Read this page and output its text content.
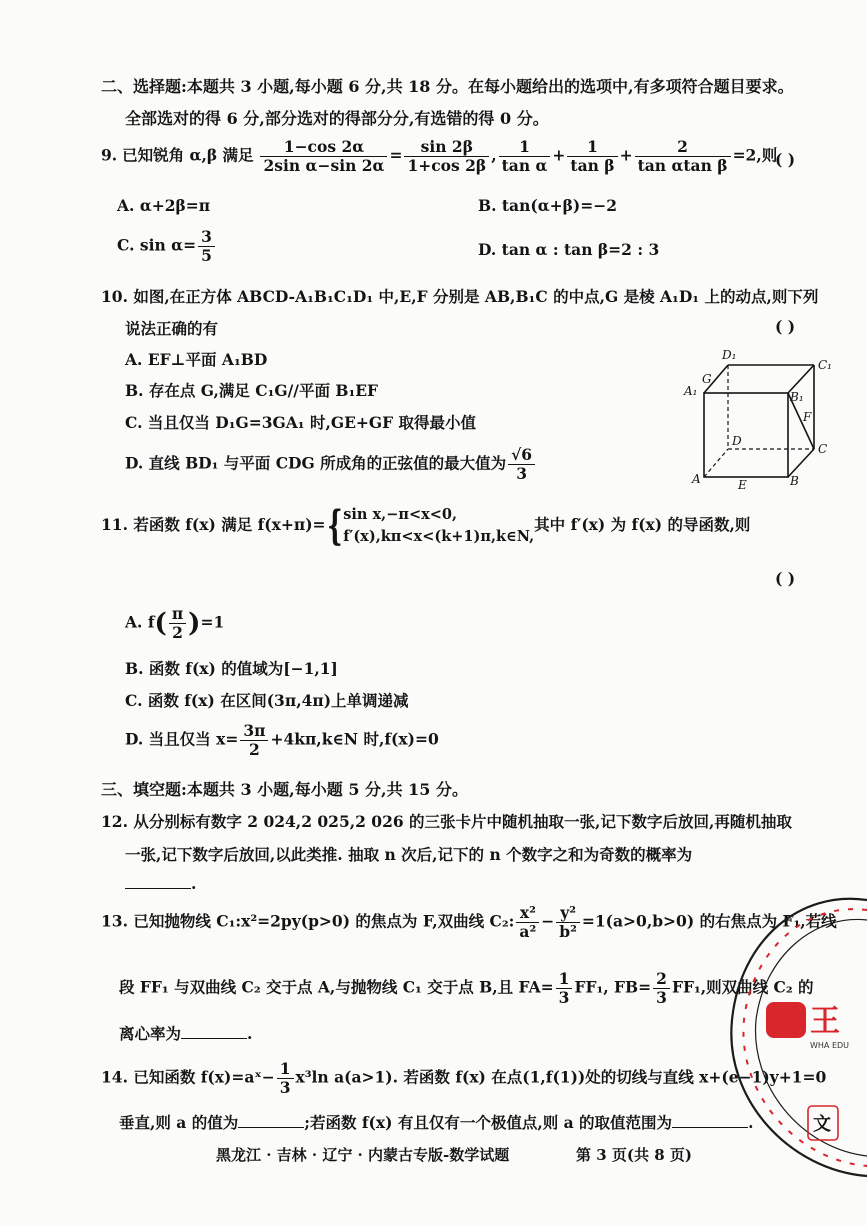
二、选择题:本题共 3 小题,每小题 6 分,共 18 分。在每小题给出的选项中,有多项符合题目要求。
全部选对的得 6 分,部分选对的得部分分,有选错的得 0 分。
9. 已知锐角 α,β 满足 $\frac{1-\cos 2\alpha}{\text{2sin α−sin 2α}} = \frac{\sin 2\beta}{1+\cos 2\beta}$ , $\frac{1}{\text{tan α}} + \frac{1}{\text{tan β}} + \frac{2}{\text{tan αtan β}} =2$,则
( )
A. α+2β=π	B. tan(α+β)=−2
C. $\sin \alpha= \frac{3}{5}$	D. tan α : tan β=2 : 3
10. 如图,在正方体 ABCD-A₁B₁C₁D₁ 中,E,F 分别是 AB,B₁C 的中点,G 是棱 A₁D₁ 上的动点,则下列
说法正确的有	( )
A. EF⊥平面 A₁BD
B. 存在点 G,满足 C₁G//平面 B₁EF
C. 当且仅当 D₁G=3GA₁ 时,GE+GF 取得最小值
D. 直线 BD₁ 与平面 CDG 所成角的正弦值的最大值为 $\frac{√6}{3}$
D₁
C₁
A₁
G
B₁
F
D
C
A	E	B
11. 若函数 f(x) 满足 f(x+π)={ sin x,−π<x<0,
f′(x),kπ<x<(k+1)π,k∈N,
其中 f′(x) 为 f(x) 的导函数,则
( )
A. $f( \frac{\pi}{2} )=1$
B. 函数 f(x) 的值域为[−1,1]
C. 函数 f(x) 在区间(3π,4π)上单调递减
D. 当且仅当 $x= \frac{3\pi}{2}$ +4kπ,k∈N 时,f(x)=0
三、填空题:本题共 3 小题,每小题 5 分,共 15 分。
12. 从分别标有数字 2 024,2 025,2 026 的三张卡片中随机抽取一张,记下数字后放回,再随机抽取
一张,记下数字后放回,以此类推. 抽取 n 次后,记下的 n 个数字之和为奇数的概率为
.
13. 已知抛物线 C₁:x²=2py(p>0) 的焦点为 F,双曲线 C₂: $\frac{\text{x²}}{\text{a²}} - \frac{\text{y²}}{\text{b²}} =1(a>0,b>0)$ 的右焦点为 F₁,若线
段 FF₁ 与双曲线 C₂ 交于点 A,与抛物线 C₁ 交于点 B,且 $FA= \frac{1}{3} FF_1$, $FB= \frac{2}{3} FF_1$,则双曲线 C₂ 的
离心率为	.
14. 已知函数 f(x)=aˣ− $\frac{1}{3} x^3\ln$ a(a>1). 若函数 f(x) 在点(1,f(1))处的切线与直线 x+(e−1)y+1=0
垂直,则 a 的值为	;若函数 f(x) 有且仅有一个极值点,则 a 的取值范围为	.
黑龙江 · 吉林 · 辽宁 · 内蒙古专版-数学试题	第 3 页(共 8 页)
王
WHA EDU
文
